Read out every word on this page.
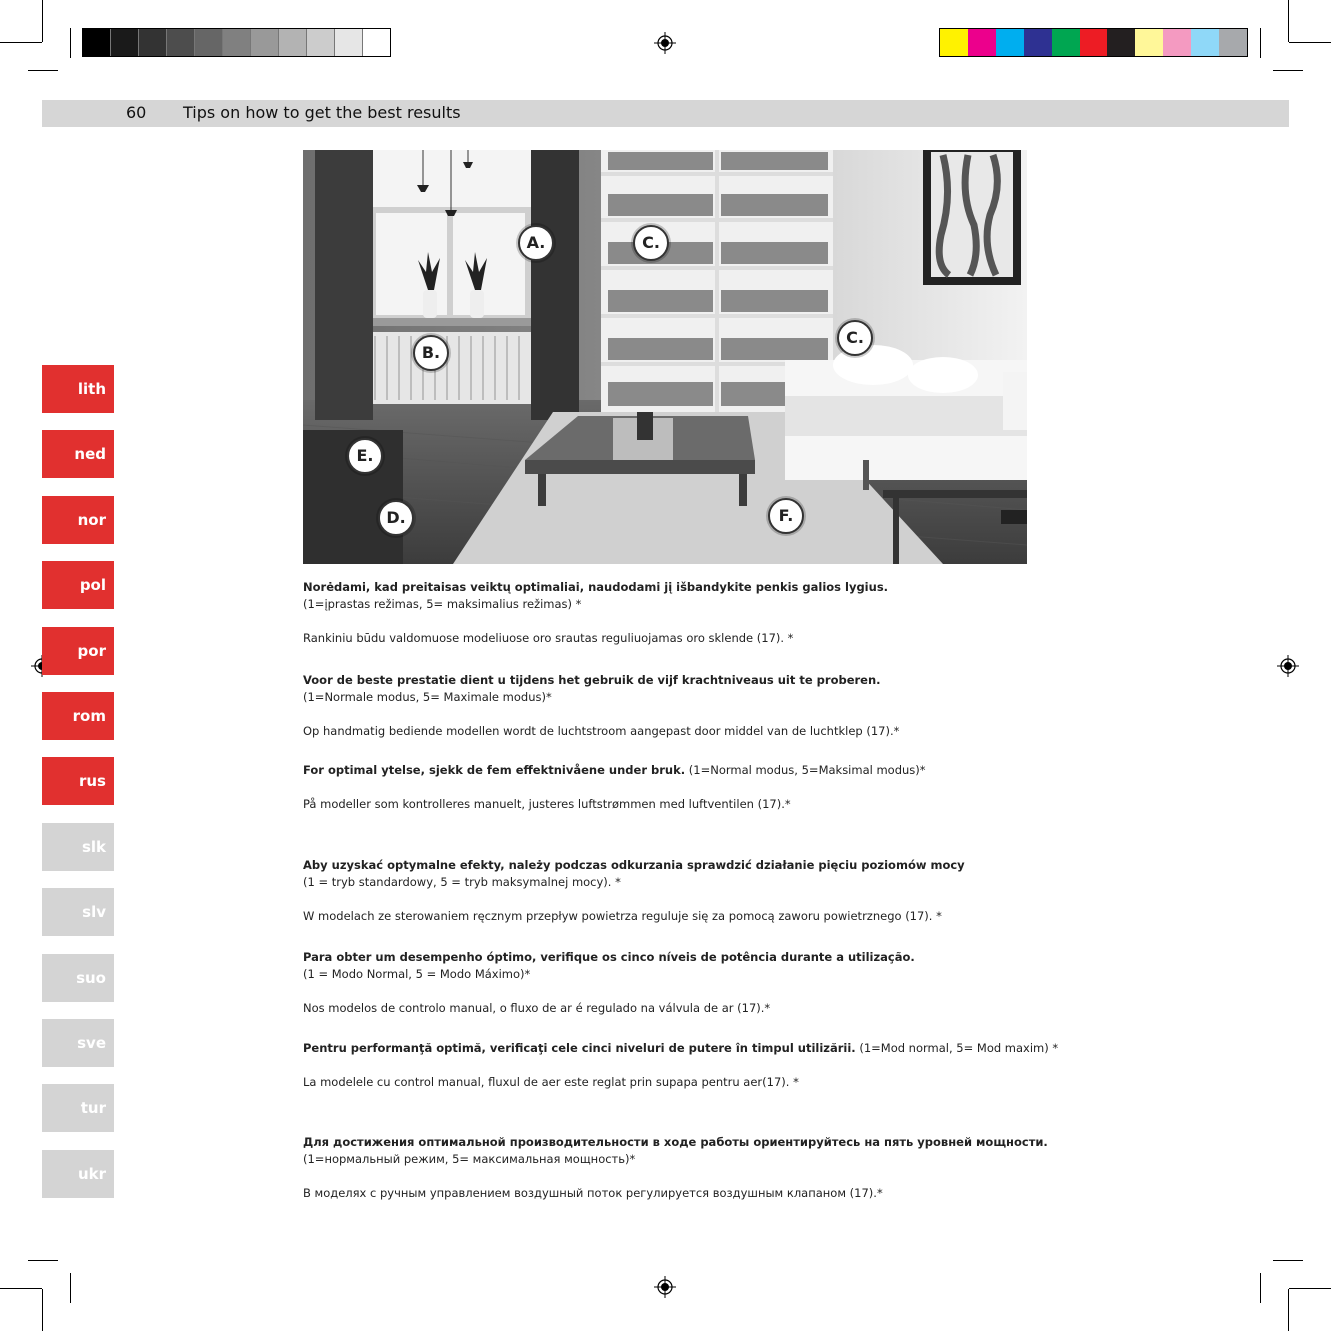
60 Tips on how to get the best results
lith
ned
nor
pol
por
rom
rus
slk
slv
suo
sve
tur
ukr
A.
B.
C.
C.
D.
E.
F.
Norėdami, kad preitaisas veiktų optimaliai, naudodami jį išbandykite penkis galios lygius.
(1=įprastas režimas, 5= maksimalius režimas) *
Rankiniu būdu valdomuose modeliuose oro srautas reguliuojamas oro sklende (17). *
Voor de beste prestatie dient u tijdens het gebruik de vijf krachtniveaus uit te proberen.
(1=Normale modus, 5= Maximale modus)*
Op handmatig bediende modellen wordt de luchtstroom aangepast door middel van de luchtklep (17).*
For optimal ytelse, sjekk de fem effektnivåene under bruk. (1=Normal modus, 5=Maksimal modus)*
På modeller som kontrolleres manuelt, justeres luftstrømmen med luftventilen (17).*
Aby uzyskać optymalne efekty, należy podczas odkurzania sprawdzić działanie pięciu poziomów mocy
(1 = tryb standardowy, 5 = tryb maksymalnej mocy). *
W modelach ze sterowaniem ręcznym przepływ powietrza reguluje się za pomocą zaworu powietrznego (17). *
Para obter um desempenho óptimo, verifique os cinco níveis de potência durante a utilização.
(1 = Modo Normal, 5 = Modo Máximo)*
Nos modelos de controlo manual, o fluxo de ar é regulado na válvula de ar (17).*
Pentru performanţă optimă, verificaţi cele cinci niveluri de putere în timpul utilizării. (1=Mod normal, 5= Mod maxim) *
La modelele cu control manual, fluxul de aer este reglat prin supapa pentru aer(17). *
Для достижения оптимальной производительности в ходе работы ориентируйтесь на пять уровней мощности.
(1=нормальный режим, 5= максимальная мощность)*
В моделях с ручным управлением воздушный поток регулируется воздушным клапаном (17).*
